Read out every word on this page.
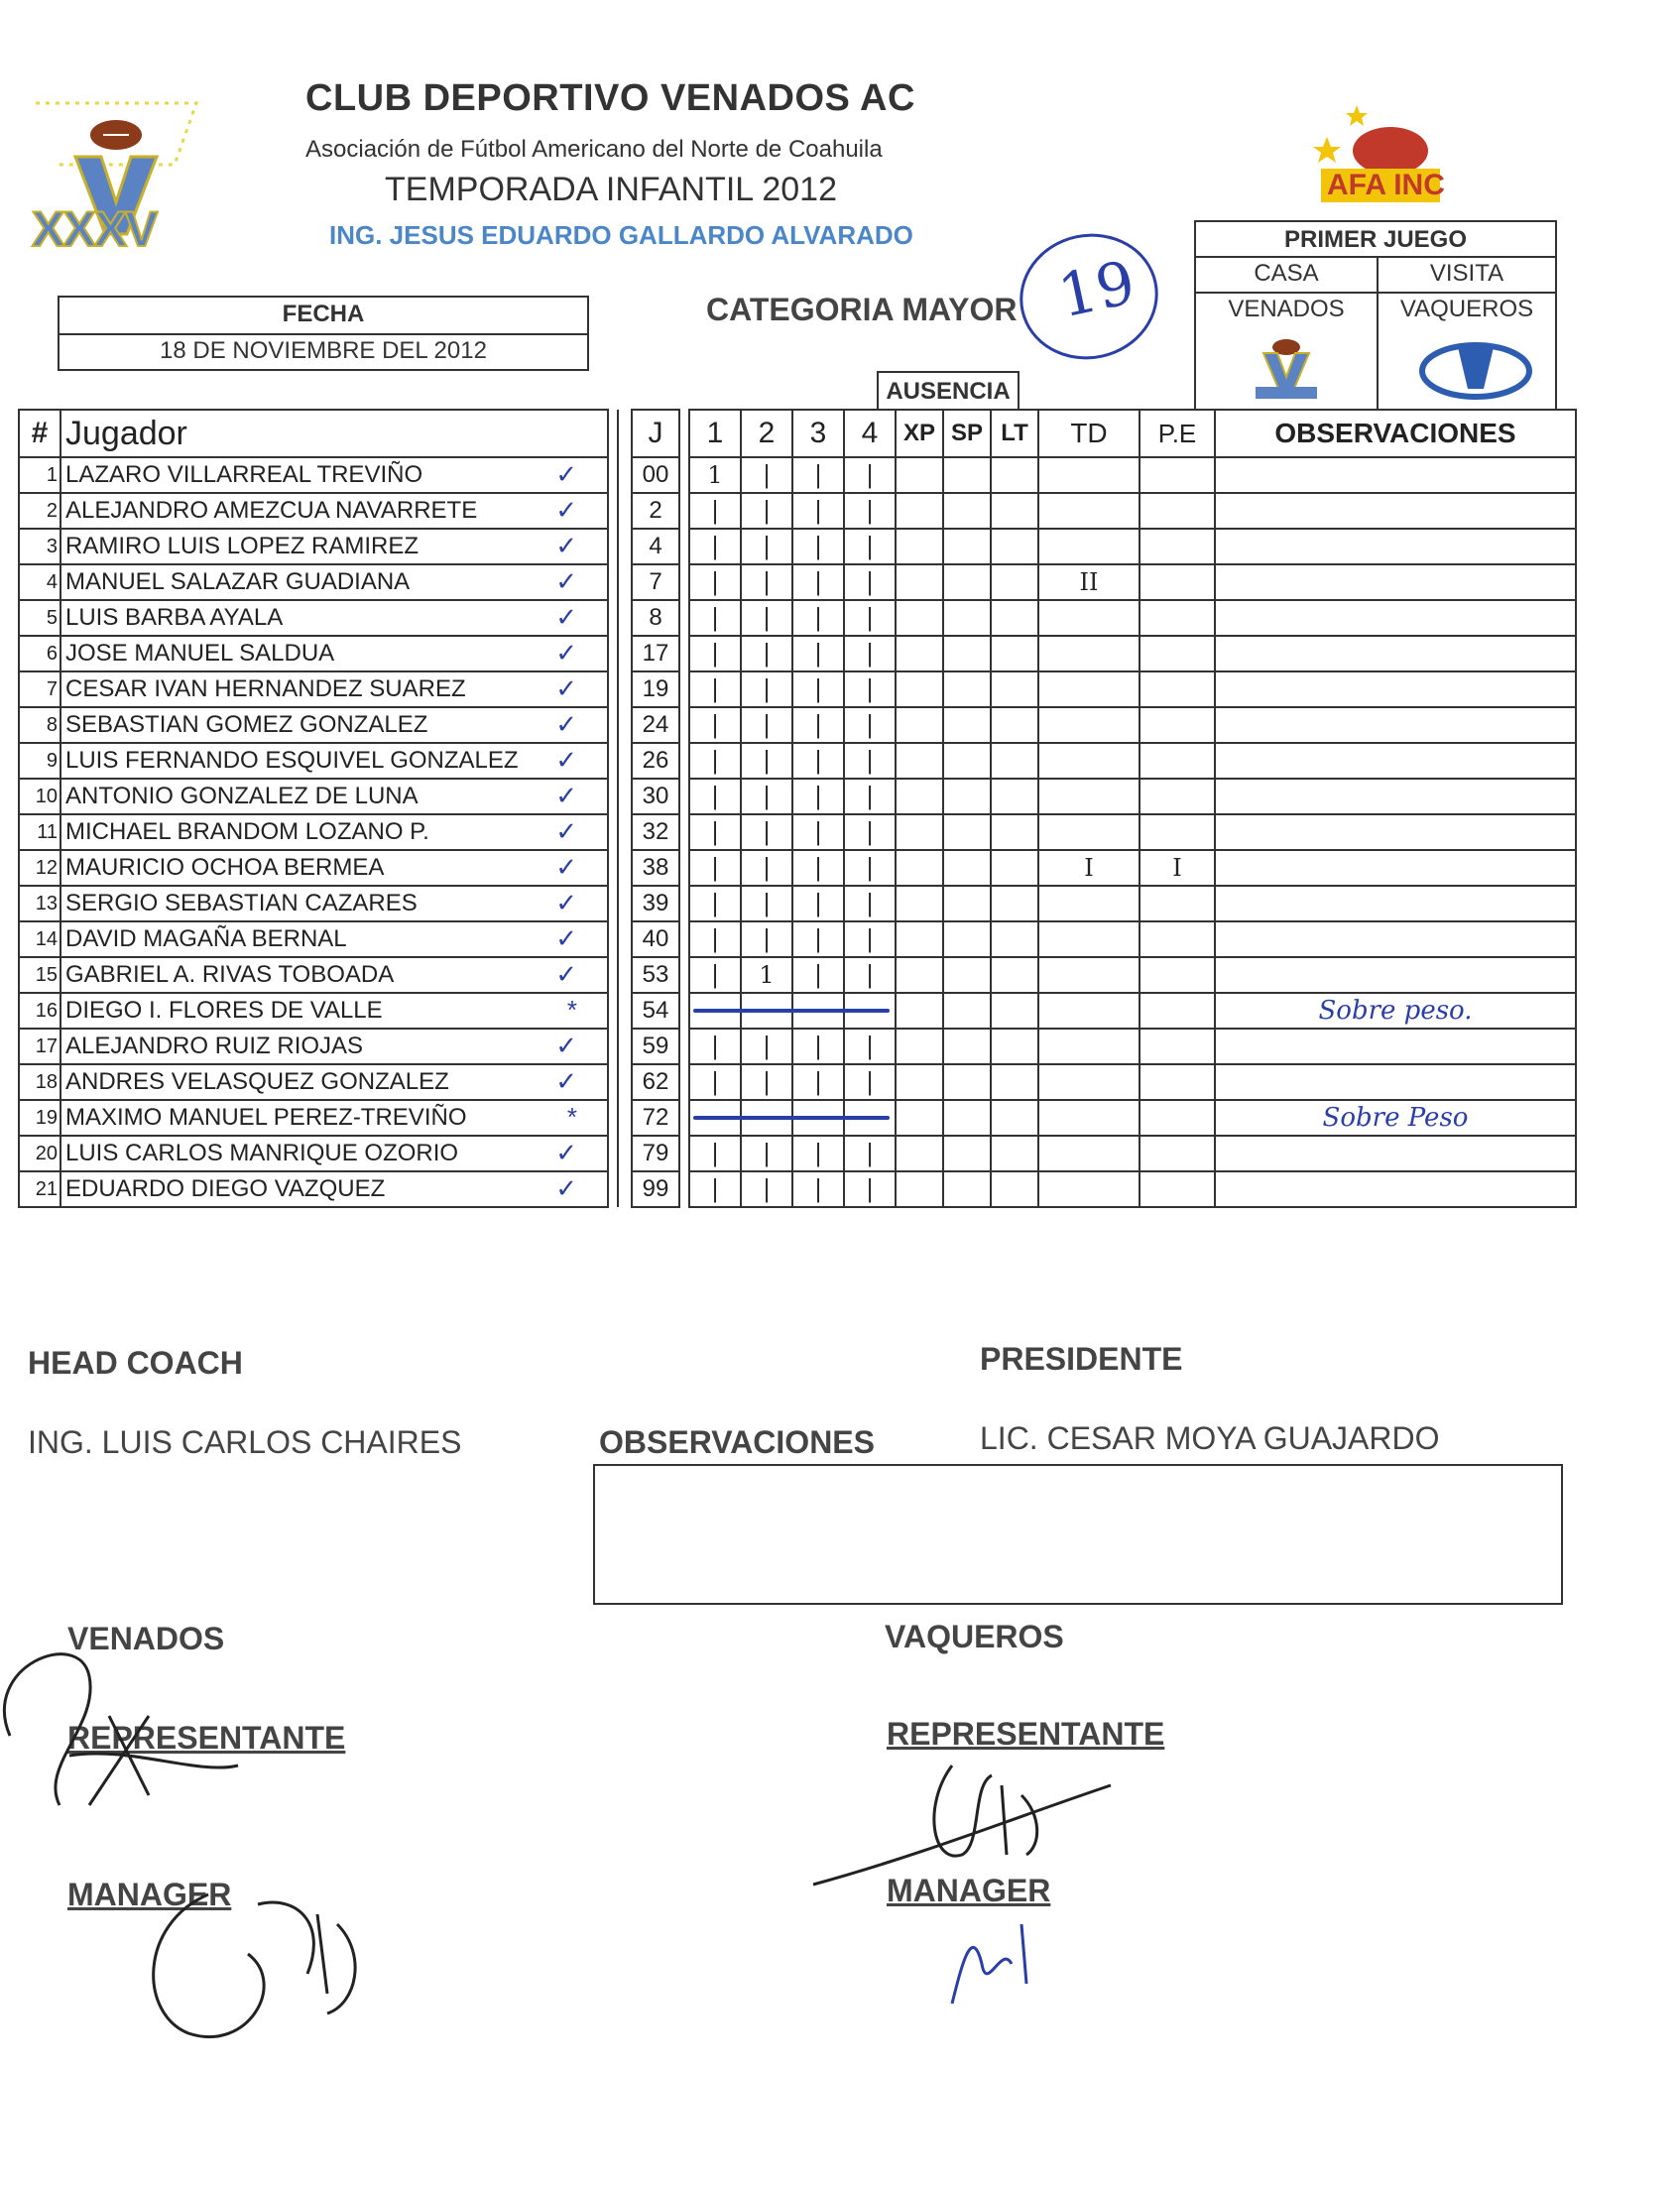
XXXV
CLUB DEPORTIVO VENADOS AC
Asociación de Fútbol Americano del Norte de Coahuila
TEMPORADA INFANTIL 2012
ING. JESUS EDUARDO GALLARDO ALVARADO
AFA INC
FECHA
18 DE NOVIEMBRE DEL 2012
CATEGORIA MAYOR 19
PRIMER JUEGO
CASA	VISITA
VENADOS	VAQUEROS
AUSENCIA
#	Jugador			J		1	2	3	4	XP	SP	LT	TD	P.E	OBSERVACIONES
1	LAZARO VILLARREAL TREVIÑO ✓			00		1	|	|	|						
2	ALEJANDRO AMEZCUA NAVARRETE ✓			2		|	|	|	|						
3	RAMIRO LUIS LOPEZ RAMIREZ ✓			4		|	|	|	|						
4	MANUEL SALAZAR GUADIANA ✓			7		|	|	|	|				II		
5	LUIS BARBA AYALA ✓			8		|	|	|	|						
6	JOSE MANUEL SALDUA ✓			17		|	|	|	|						
7	CESAR IVAN HERNANDEZ SUAREZ ✓			19		|	|	|	|						
8	SEBASTIAN GOMEZ GONZALEZ ✓			24		|	|	|	|						
9	LUIS FERNANDO ESQUIVEL GONZALEZ ✓			26		|	|	|	|						
10	ANTONIO GONZALEZ DE LUNA ✓			30		|	|	|	|						
11	MICHAEL BRANDOM LOZANO P. ✓			32		|	|	|	|						
12	MAURICIO OCHOA BERMEA ✓			38		|	|	|	|				I	I	
13	SERGIO SEBASTIAN CAZARES ✓			39		|	|	|	|						
14	DAVID MAGAÑA BERNAL ✓			40		|	|	|	|						
15	GABRIEL A. RIVAS TOBOADA ✓			53		|	1	|	|						
16	DIEGO I. FLORES DE VALLE *			54											Sobre peso.
17	ALEJANDRO RUIZ RIOJAS ✓			59		|	|	|	|						
18	ANDRES VELASQUEZ GONZALEZ ✓			62		|	|	|	|						
19	MAXIMO MANUEL PEREZ-TREVIÑO *			72											Sobre Peso
20	LUIS CARLOS MANRIQUE OZORIO ✓			79		|	|	|	|						
21	EDUARDO DIEGO VAZQUEZ ✓			99		|	|	|	|						
HEAD COACH
ING. LUIS CARLOS CHAIRES	OBSERVACIONES
PRESIDENTE
LIC. CESAR MOYA GUAJARDO
VENADOS	VAQUEROS
REPRESENTANTE	REPRESENTANTE
MANAGER	MANAGER
